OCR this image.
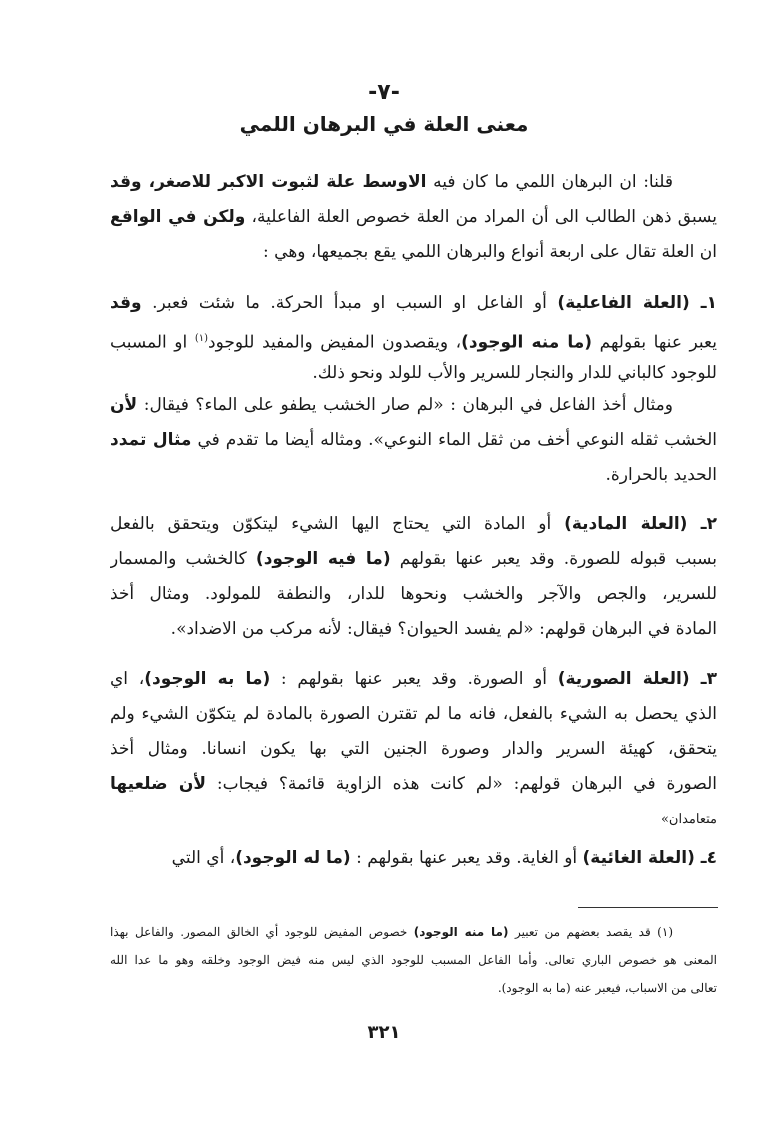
-٧-
معنى العلة في البرهان اللمي
قلنا: ان البرهان اللمي ما كان فيه الاوسط علة لثبوت الاكبر للاصغر، وقد
يسبق ذهن الطالب الى أن المراد من العلة خصوص العلة الفاعلية، ولكن في الواقع
ان العلة تقال على اربعة أنواع والبرهان اللمي يقع بجميعها، وهي :
١ـ (العلة الفاعلية) أو الفاعل او السبب او مبدأ الحركة. ما شئت فعبر. وقد
يعبر عنها بقولهم (ما منه الوجود)، ويقصدون المفيض والمفيد للوجود$^{(١)}$ او المسبب
للوجود كالباني للدار والنجار للسرير والأب للولد ونحو ذلك.
ومثال أخذ الفاعل في البرهان : «لم صار الخشب يطفو على الماء؟ فيقال: لأن
الخشب ثقله النوعي أخف من ثقل الماء النوعي». ومثاله أيضا ما تقدم في مثال تمدد
الحديد بالحرارة.
٢ـ (العلة المادية) أو المادة التي يحتاج اليها الشيء ليتكوّن ويتحقق بالفعل
بسبب قبوله للصورة. وقد يعبر عنها بقولهم (ما فيه الوجود) كالخشب والمسمار
للسرير، والجص والآجر والخشب ونحوها للدار، والنطفة للمولود. ومثال أخذ
المادة في البرهان قولهم: «لم يفسد الحيوان؟ فيقال: لأنه مركب من الاضداد».
٣ـ (العلة الصورية) أو الصورة. وقد يعبر عنها بقولهم : (ما به الوجود)، اي
الذي يحصل به الشيء بالفعل، فانه ما لم تقترن الصورة بالمادة لم يتكوّن الشيء ولم
يتحقق، كهيئة السرير والدار وصورة الجنين التي بها يكون انسانا. ومثال أخذ
الصورة في البرهان قولهم: «لم كانت هذه الزاوية قائمة؟ فيجاب: لأن ضلعيها
متعامدان»
٤ـ (العلة الغائية) أو الغاية. وقد يعبر عنها بقولهم : (ما له الوجود)، أي التي
(١) قد يقصد بعضهم من تعبير (ما منه الوجود) خصوص المفيض للوجود أي الخالق المصور. والفاعل بهذا
المعنى هو خصوص الباري تعالى. وأما الفاعل المسبب للوجود الذي ليس منه فيض الوجود وخلقه وهو ما عدا الله
تعالى من الاسباب، فيعبر عنه (ما به الوجود).
٣٢١
